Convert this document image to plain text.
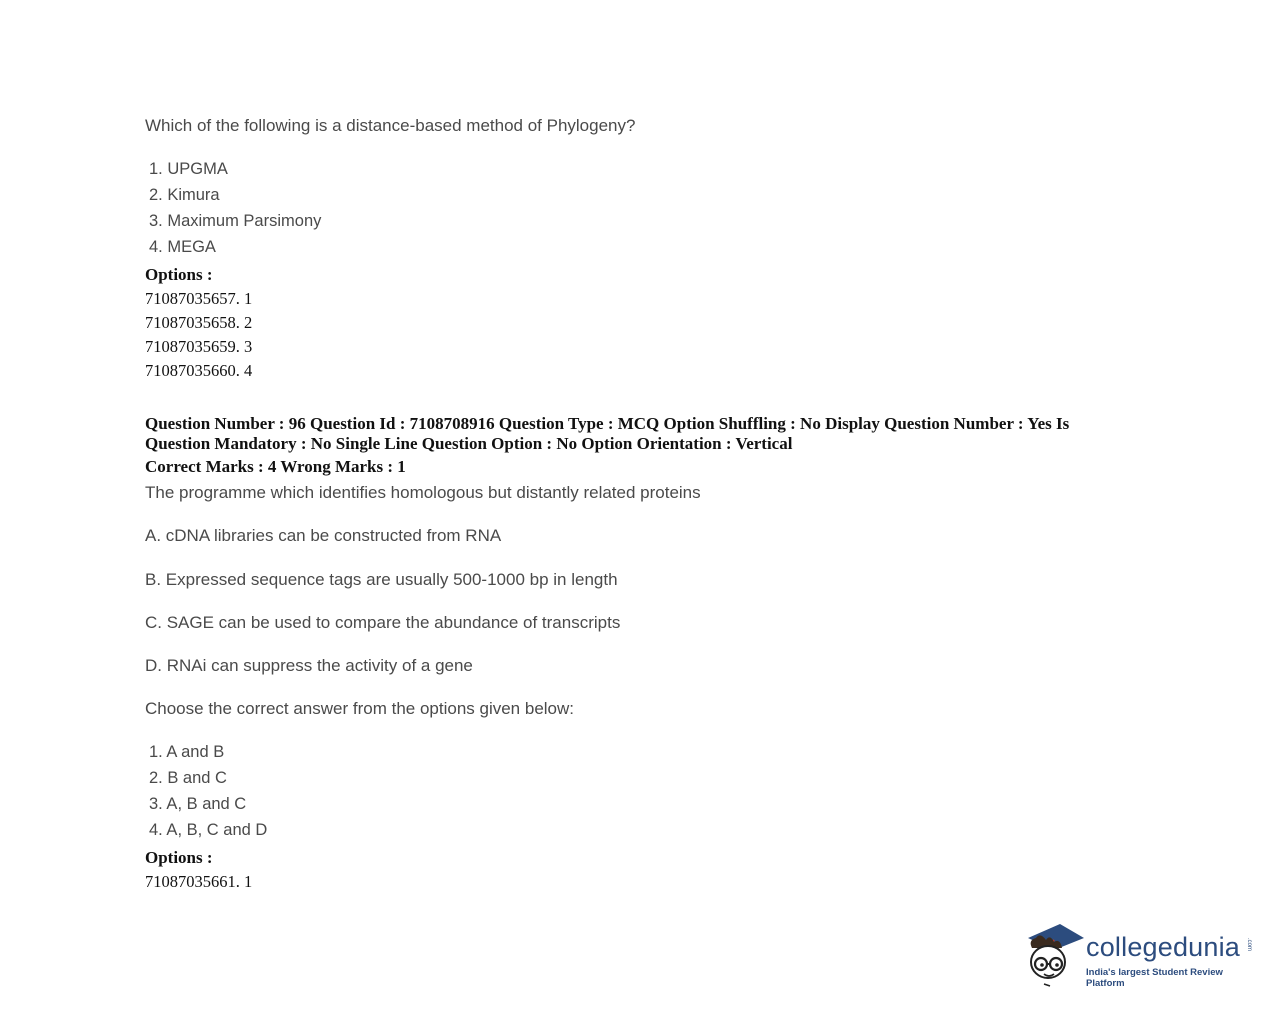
Which of the following is a distance-based method of Phylogeny?
1. UPGMA
2. Kimura
3. Maximum Parsimony
4. MEGA
Options :
71087035657. 1
71087035658. 2
71087035659. 3
71087035660. 4
Question Number : 96 Question Id : 7108708916 Question Type : MCQ Option Shuffling : No Display Question Number : Yes Is
Question Mandatory : No Single Line Question Option : No Option Orientation : Vertical
Correct Marks : 4 Wrong Marks : 1
The programme which identifies homologous but distantly related proteins
A. cDNA libraries can be constructed from RNA
B. Expressed sequence tags are usually 500-1000 bp in length
C. SAGE can be used to compare the abundance of transcripts
D. RNAi can suppress the activity of a gene
Choose the correct answer from the options given below:
1. A and B
2. B and C
3. A, B and C
4. A, B, C and D
Options :
71087035661. 1
collegedunia .com
India's largest Student Review Platform
